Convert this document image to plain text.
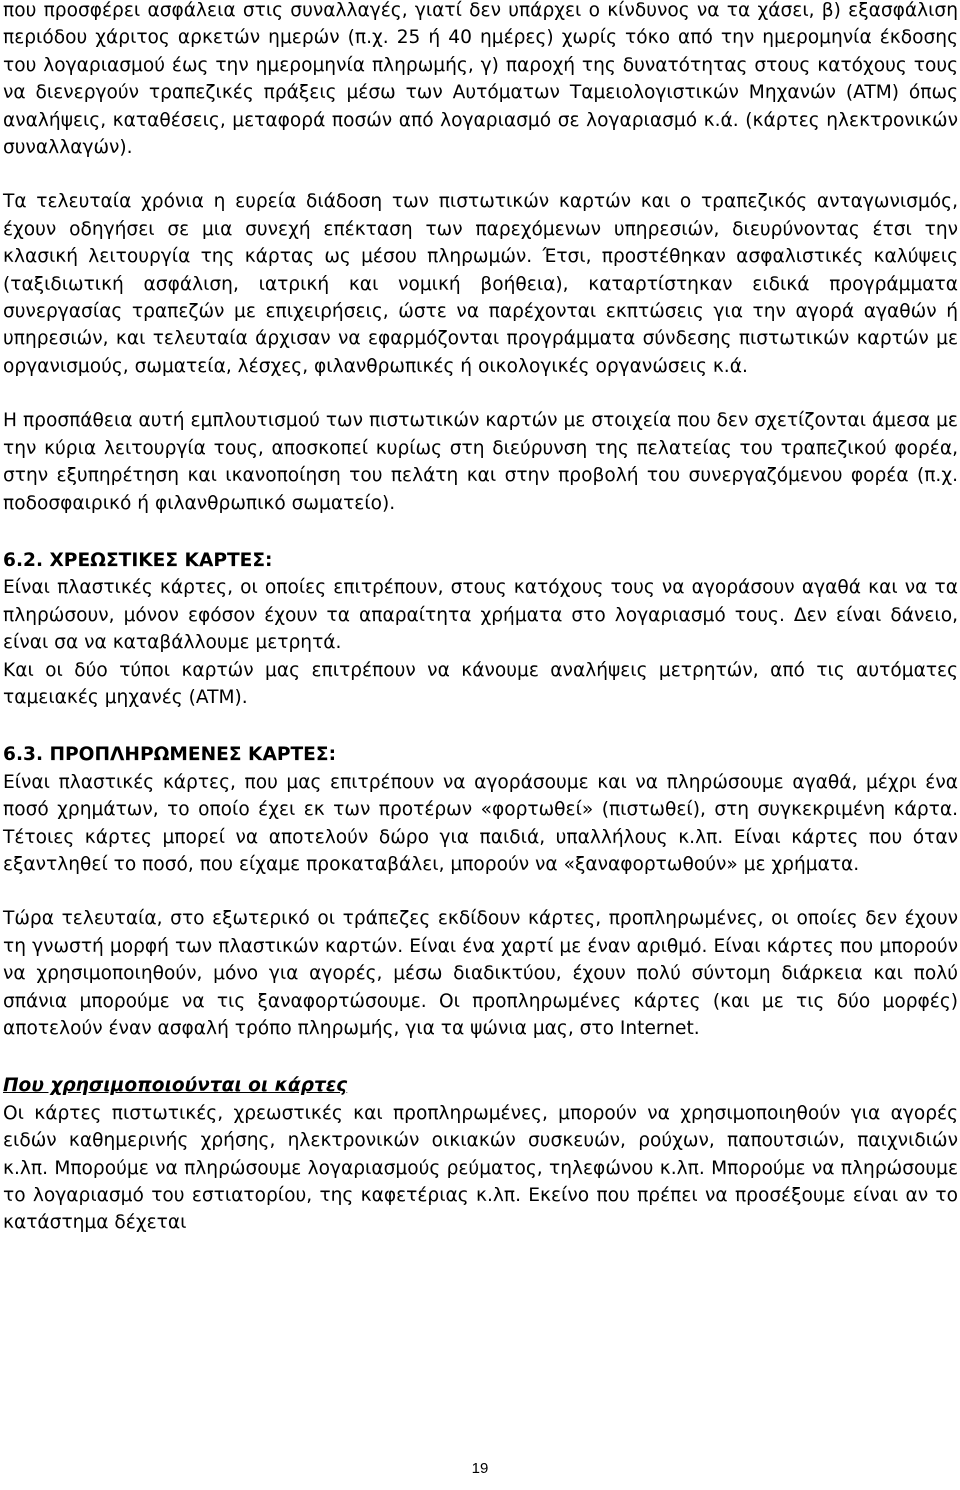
που προσφέρει ασφάλεια στις συναλλαγές, γιατί δεν υπάρχει ο κίνδυνος να τα χάσει, β) εξασφάλιση περιόδου χάριτος αρκετών ημερών (π.χ. 25 ή 40 ημέρες) χωρίς τόκο από την ημερομηνία έκδοσης του λογαριασμού έως την ημερομηνία πληρωμής, γ) παροχή της δυνατότητας στους κατόχους τους να διενεργούν τραπεζικές πράξεις μέσω των Αυτόματων Ταμειολογιστικών Μηχανών (ATM) όπως αναλήψεις, καταθέσεις, μεταφορά ποσών από λογαριασμό σε λογαριασμό κ.ά. (κάρτες ηλεκτρονικών συναλλαγών).

Τα τελευταία χρόνια η ευρεία διάδοση των πιστωτικών καρτών και ο τραπεζικός ανταγωνισμός, έχουν οδηγήσει σε μια συνεχή επέκταση των παρεχόμενων υπηρεσιών, διευρύνοντας έτσι την κλασική λειτουργία της κάρτας ως μέσου πληρωμών. Έτσι, προστέθηκαν ασφαλιστικές καλύψεις (ταξιδιωτική ασφάλιση, ιατρική και νομική βοήθεια), καταρτίστηκαν ειδικά προγράμματα συνεργασίας τραπεζών με επιχειρήσεις, ώστε να παρέχονται εκπτώσεις για την αγορά αγαθών ή υπηρεσιών, και τελευταία άρχισαν να εφαρμόζονται προγράμματα σύνδεσης πιστωτικών καρτών με οργανισμούς, σωματεία, λέσχες, φιλανθρωπικές ή οικολογικές οργανώσεις κ.ά.

Η προσπάθεια αυτή εμπλουτισμού των πιστωτικών καρτών με στοιχεία που δεν σχετίζονται άμεσα με την κύρια λειτουργία τους, αποσκοπεί κυρίως στη διεύρυνση της πελατείας του τραπεζικού φορέα, στην εξυπηρέτηση και ικανοποίηση του πελάτη και στην προβολή του συνεργαζόμενου φορέα (π.χ. ποδοσφαιρικό ή φιλανθρωπικό σωματείο).

6.2. ΧΡΕΩΣΤΙΚΕΣ ΚΑΡΤΕΣ:

Είναι πλαστικές κάρτες, οι οποίες επιτρέπουν, στους κατόχους τους να αγοράσουν αγαθά και να τα πληρώσουν, μόνον εφόσον έχουν τα απαραίτητα χρήματα στο λογαριασμό τους. Δεν είναι δάνειο, είναι σα να καταβάλλουμε μετρητά.

Και οι δύο τύποι καρτών μας επιτρέπουν να κάνουμε αναλήψεις μετρητών, από τις αυτόματες ταμειακές μηχανές (ATM).

6.3. ΠΡΟΠΛΗΡΩΜΕΝΕΣ ΚΑΡΤΕΣ:

Είναι πλαστικές κάρτες, που μας επιτρέπουν να αγοράσουμε και να πληρώσουμε αγαθά, μέχρι ένα ποσό χρημάτων, το οποίο έχει εκ των προτέρων «φορτωθεί» (πιστωθεί), στη συγκεκριμένη κάρτα. Τέτοιες κάρτες μπορεί να αποτελούν δώρο για παιδιά, υπαλλήλους κ.λπ. Είναι κάρτες που όταν εξαντληθεί το ποσό, που είχαμε προκαταβάλει, μπορούν να «ξαναφορτωθούν» με χρήματα.

Τώρα τελευταία, στο εξωτερικό οι τράπεζες εκδίδουν κάρτες, προπληρωμένες, οι οποίες δεν έχουν τη γνωστή μορφή των πλαστικών καρτών. Είναι ένα χαρτί με έναν αριθμό. Είναι κάρτες που μπορούν να χρησιμοποιηθούν, μόνο για αγορές, μέσω διαδικτύου, έχουν πολύ σύντομη διάρκεια και πολύ σπάνια μπορούμε να τις ξαναφορτώσουμε. Οι προπληρωμένες κάρτες (και με τις δύο μορφές) αποτελούν έναν ασφαλή τρόπο πληρωμής, για τα ψώνια μας, στο Internet.

Που χρησιμοποιούνται οι κάρτες

Οι κάρτες πιστωτικές, χρεωστικές και προπληρωμένες, μπορούν να χρησιμοποιηθούν για αγορές ειδών καθημερινής χρήσης, ηλεκτρονικών οικιακών συσκευών, ρούχων, παπουτσιών, παιχνιδιών κ.λπ. Μπορούμε να πληρώσουμε λογαριασμούς ρεύματος, τηλεφώνου κ.λπ. Μπορούμε να πληρώσουμε το λογαριασμό του εστιατορίου, της καφετέριας κ.λπ. Εκείνο που πρέπει να προσέξουμε είναι αν το κατάστημα δέχεται

19
